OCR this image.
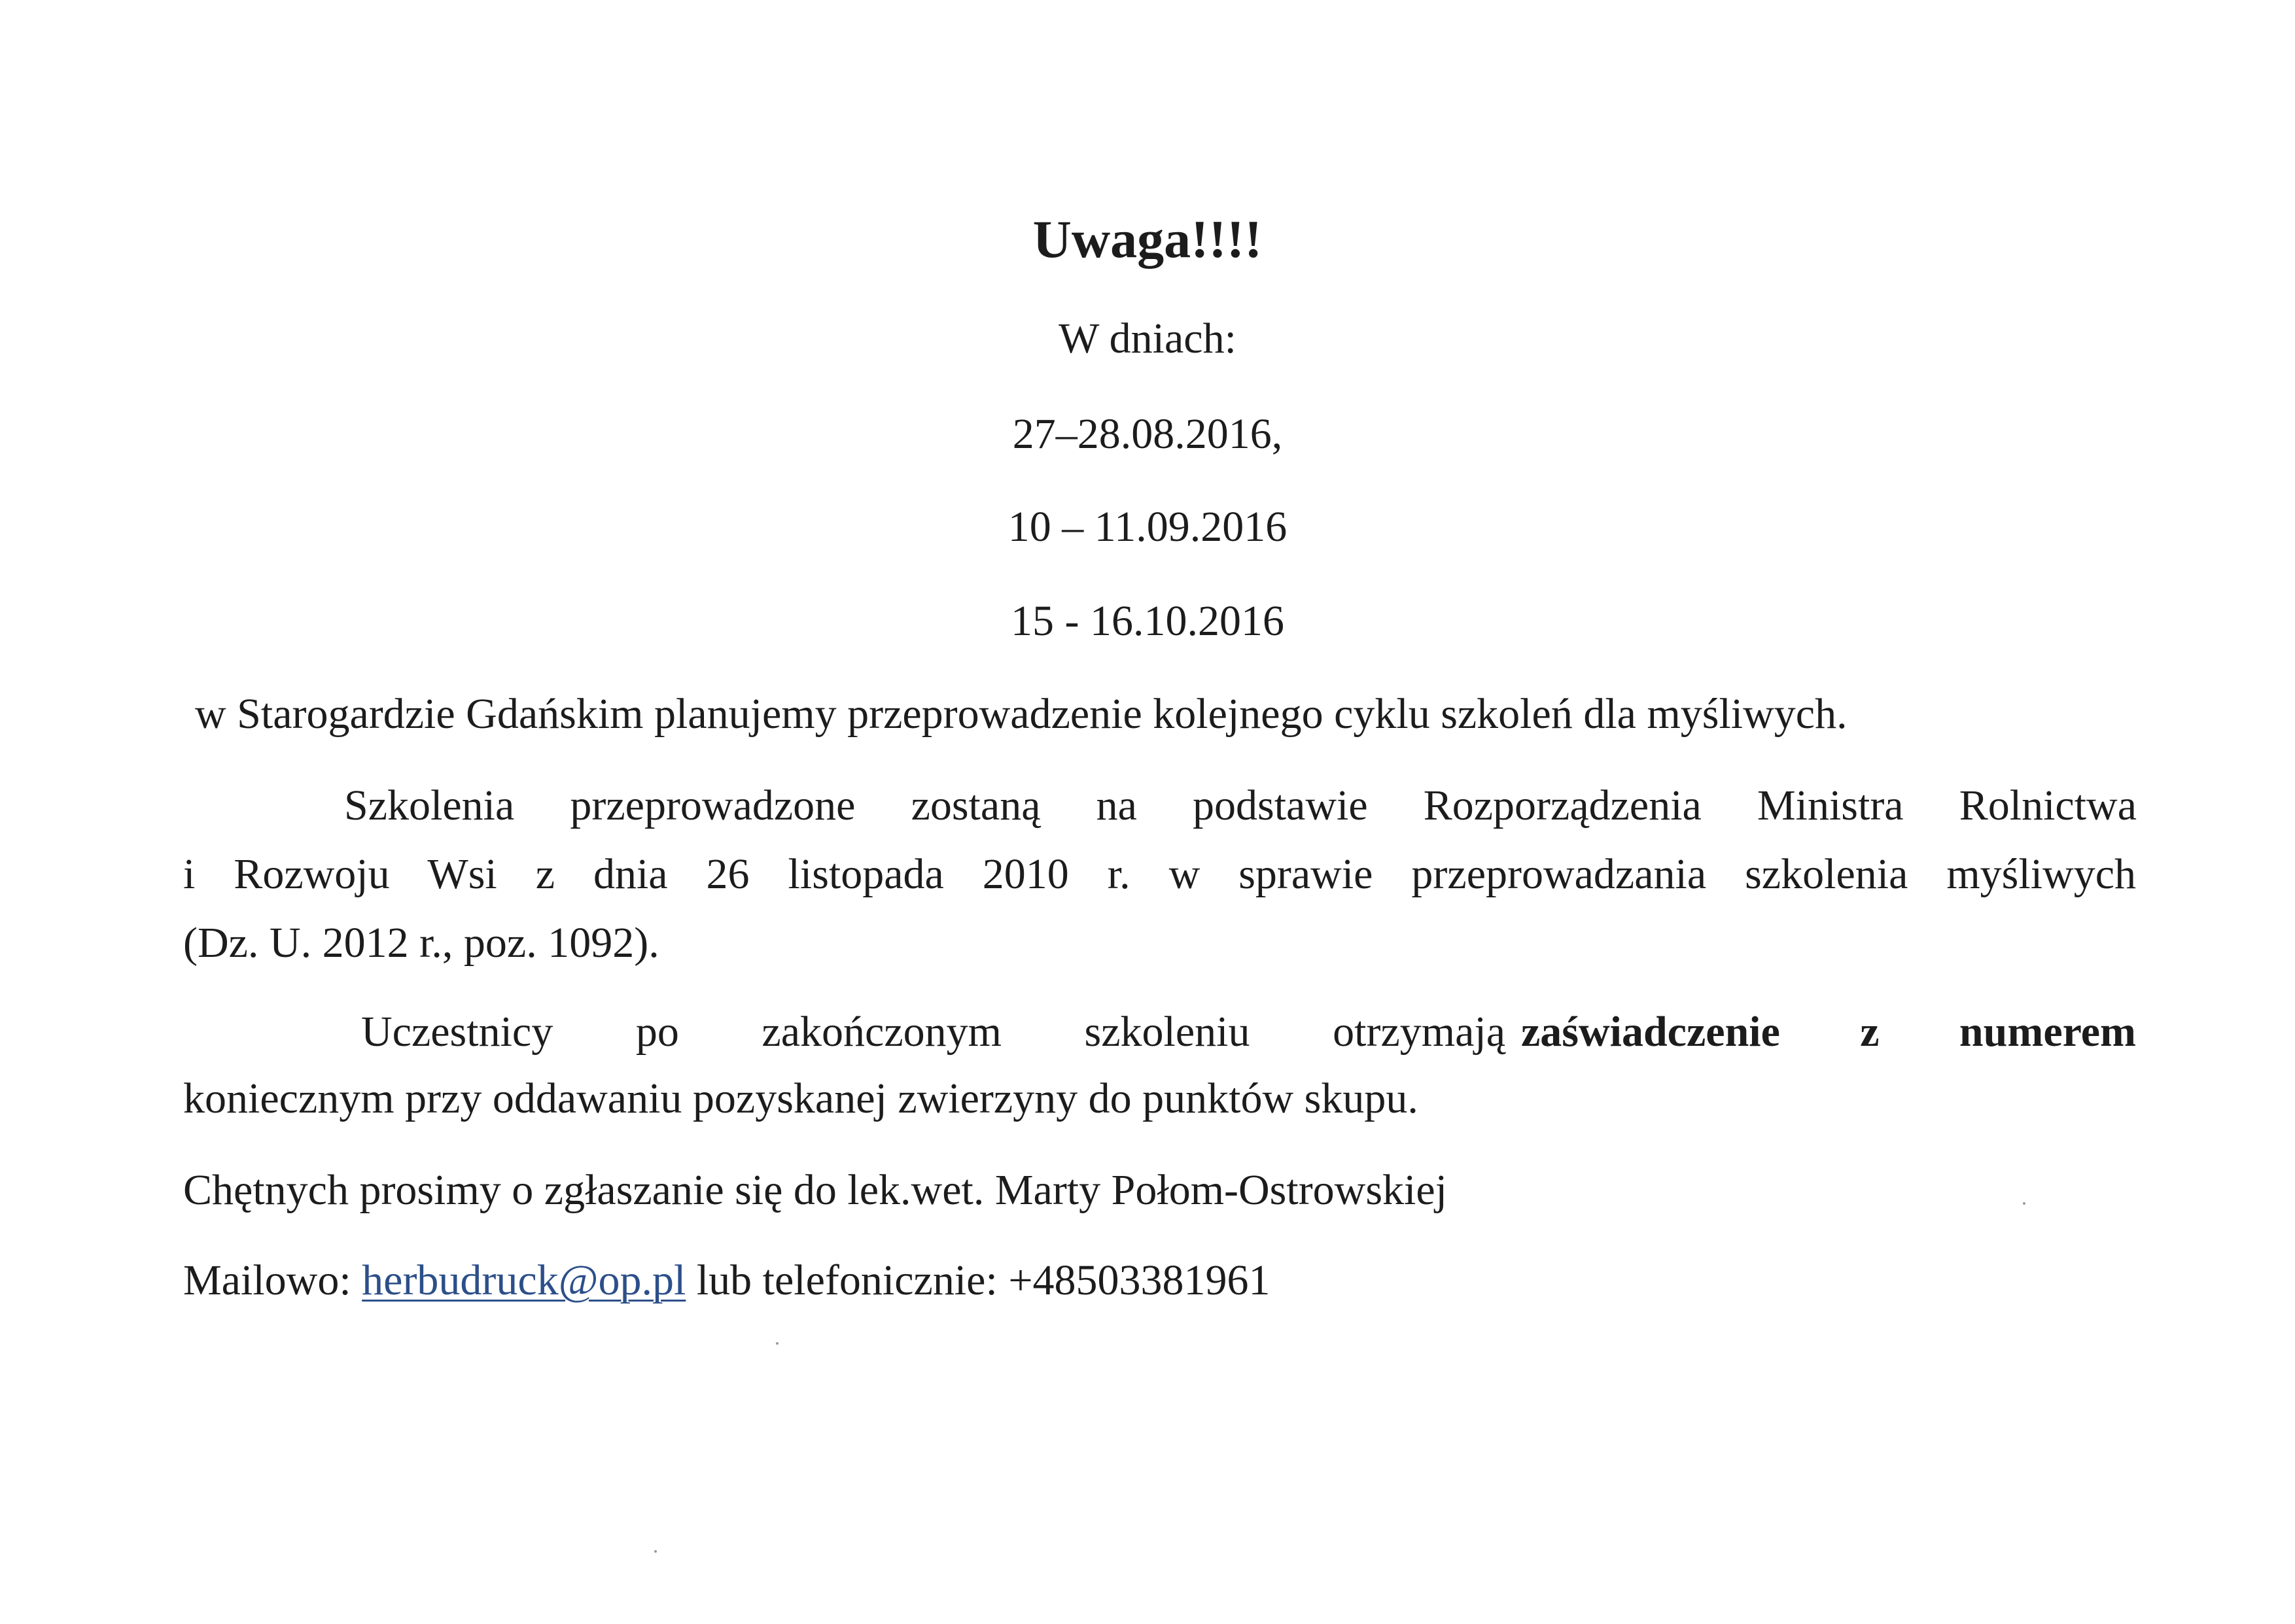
Uwaga!!!!
W dniach:
27–28.08.2016,
10 – 11.09.2016
15 - 16.10.2016
w Starogardzie Gdańskim planujemy przeprowadzenie kolejnego cyklu szkoleń dla myśliwych.
Szkolenia przeprowadzone zostaną na podstawie Rozporządzenia Ministra Rolnictwa
i Rozwoju Wsi z dnia 26 listopada 2010 r. w sprawie przeprowadzania szkolenia myśliwych
(Dz. U. 2012 r., poz. 1092).
Uczestnicy po zakończonym szkoleniu otrzymają zaświadczenie z numerem
koniecznym przy oddawaniu pozyskanej zwierzyny do punktów skupu.
Chętnych prosimy o zgłaszanie się do lek.wet. Marty Połom-Ostrowskiej
Mailowo: herbudruck@op.pl lub telefonicznie: +48503381961
